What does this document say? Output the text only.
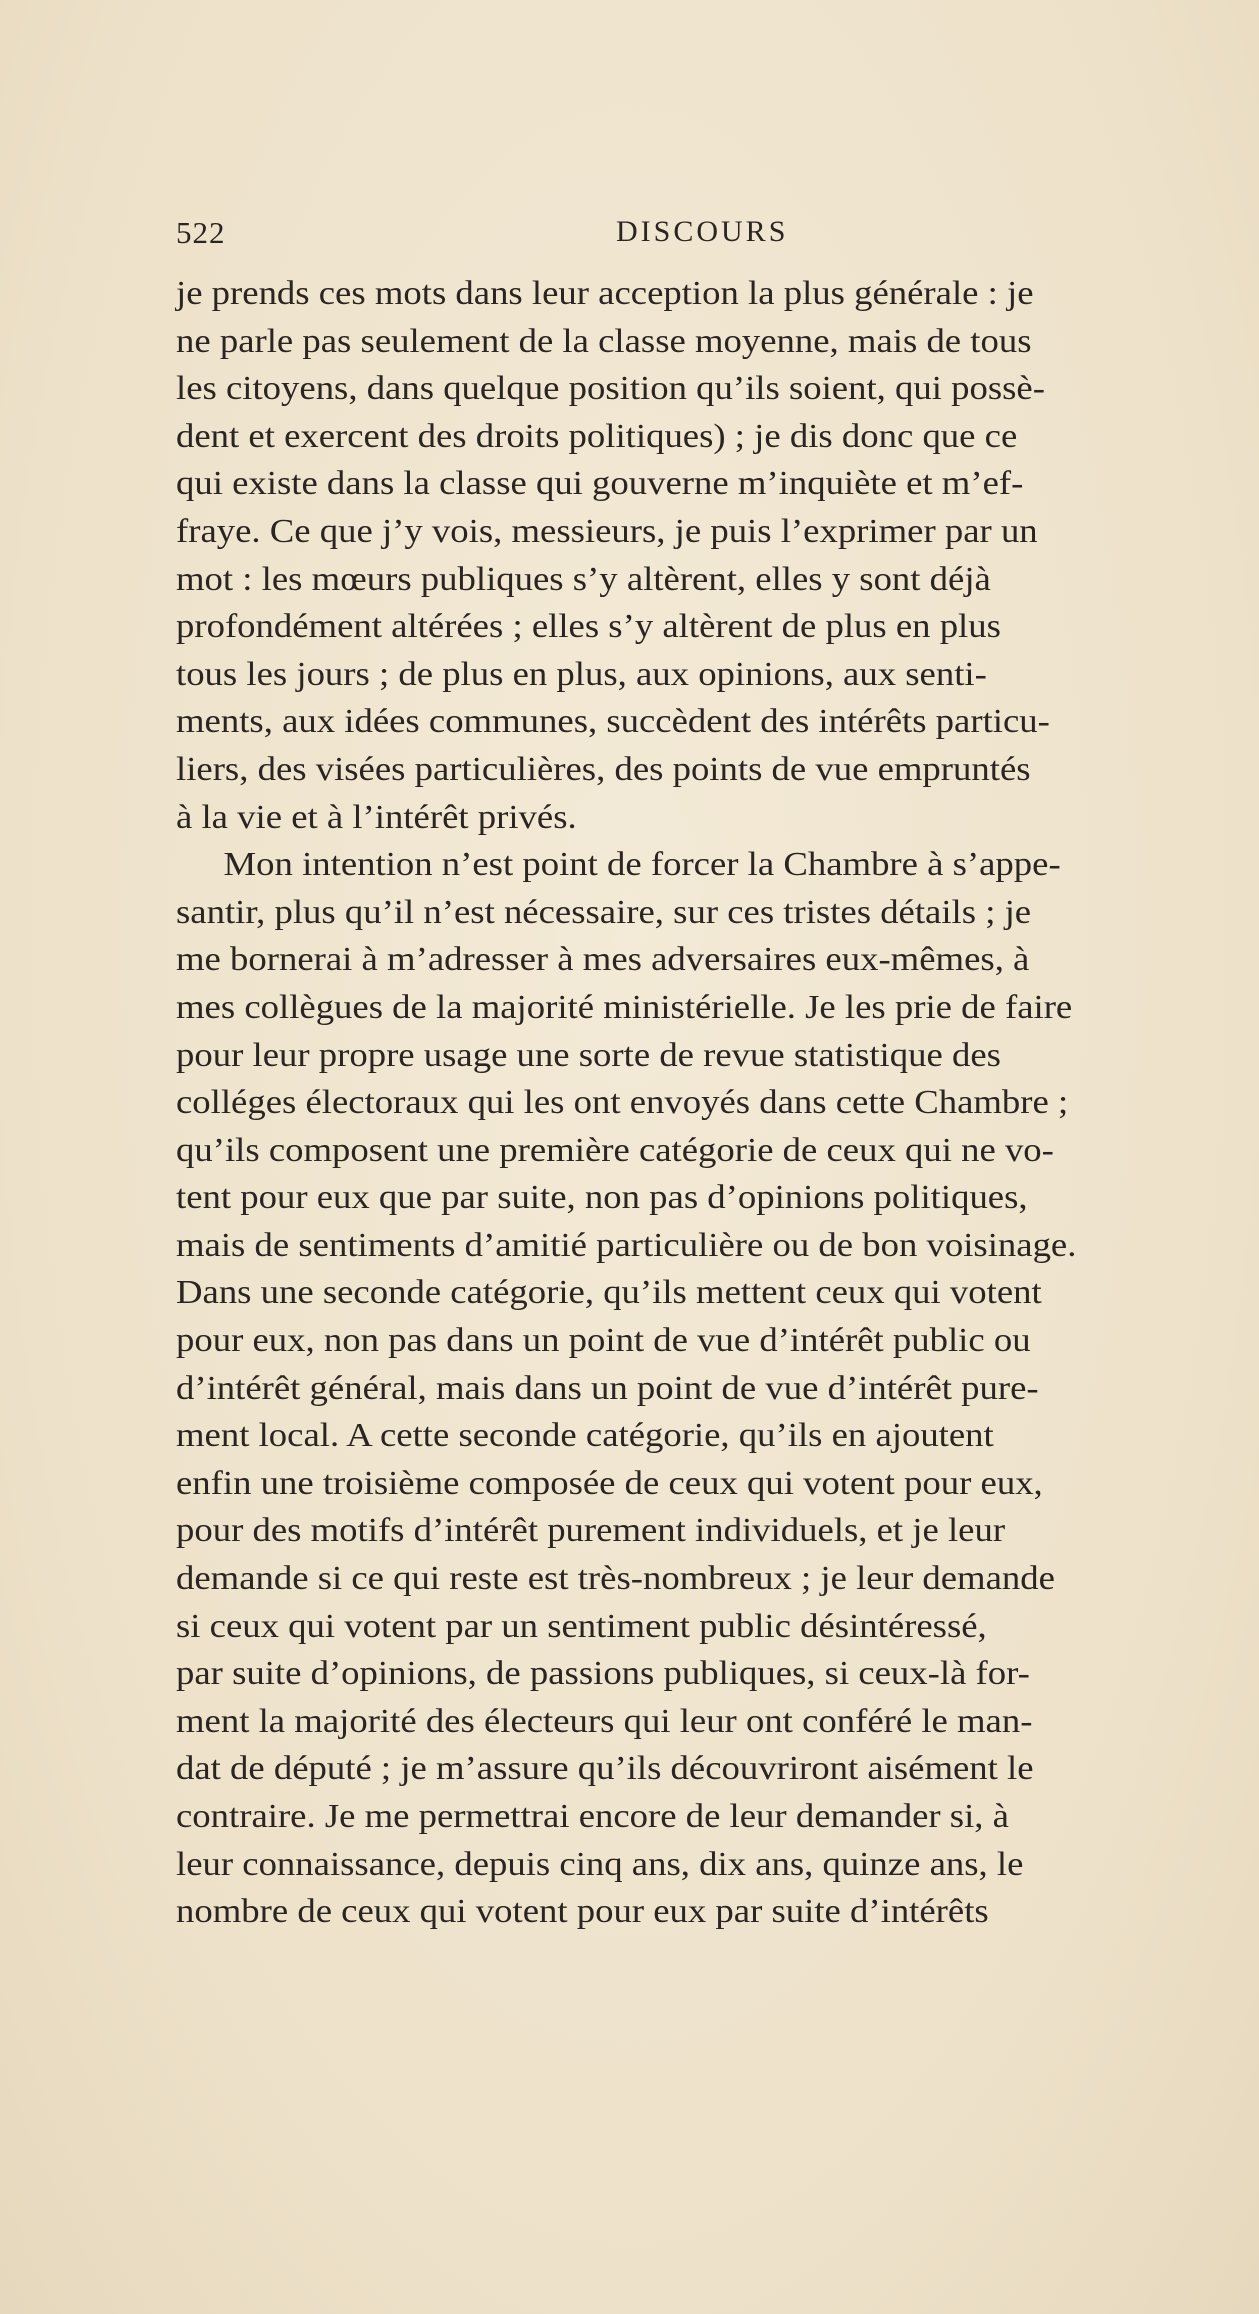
522	DISCOURS
je prends ces mots dans leur acception la plus générale : je
ne parle pas seulement de la classe moyenne, mais de tous
les citoyens, dans quelque position qu’ils soient, qui possè-
dent et exercent des droits politiques) ; je dis donc que ce
qui existe dans la classe qui gouverne m’inquiète et m’ef-
fraye. Ce que j’y vois, messieurs, je puis l’exprimer par un
mot : les mœurs publiques s’y altèrent, elles y sont déjà
profondément altérées ; elles s’y altèrent de plus en plus
tous les jours ; de plus en plus, aux opinions, aux senti-
ments, aux idées communes, succèdent des intérêts particu-
liers, des visées particulières, des points de vue empruntés
à la vie et à l’intérêt privés.
Mon intention n’est point de forcer la Chambre à s’appe-
santir, plus qu’il n’est nécessaire, sur ces tristes détails ; je
me bornerai à m’adresser à mes adversaires eux-mêmes, à
mes collègues de la majorité ministérielle. Je les prie de faire
pour leur propre usage une sorte de revue statistique des
colléges électoraux qui les ont envoyés dans cette Chambre ;
qu’ils composent une première catégorie de ceux qui ne vo-
tent pour eux que par suite, non pas d’opinions politiques,
mais de sentiments d’amitié particulière ou de bon voisinage.
Dans une seconde catégorie, qu’ils mettent ceux qui votent
pour eux, non pas dans un point de vue d’intérêt public ou
d’intérêt général, mais dans un point de vue d’intérêt pure-
ment local. A cette seconde catégorie, qu’ils en ajoutent
enfin une troisième composée de ceux qui votent pour eux,
pour des motifs d’intérêt purement individuels, et je leur
demande si ce qui reste est très-nombreux ; je leur demande
si ceux qui votent par un sentiment public désintéressé,
par suite d’opinions, de passions publiques, si ceux-là for-
ment la majorité des électeurs qui leur ont conféré le man-
dat de député ; je m’assure qu’ils découvriront aisément le
contraire. Je me permettrai encore de leur demander si, à
leur connaissance, depuis cinq ans, dix ans, quinze ans, le
nombre de ceux qui votent pour eux par suite d’intérêts
